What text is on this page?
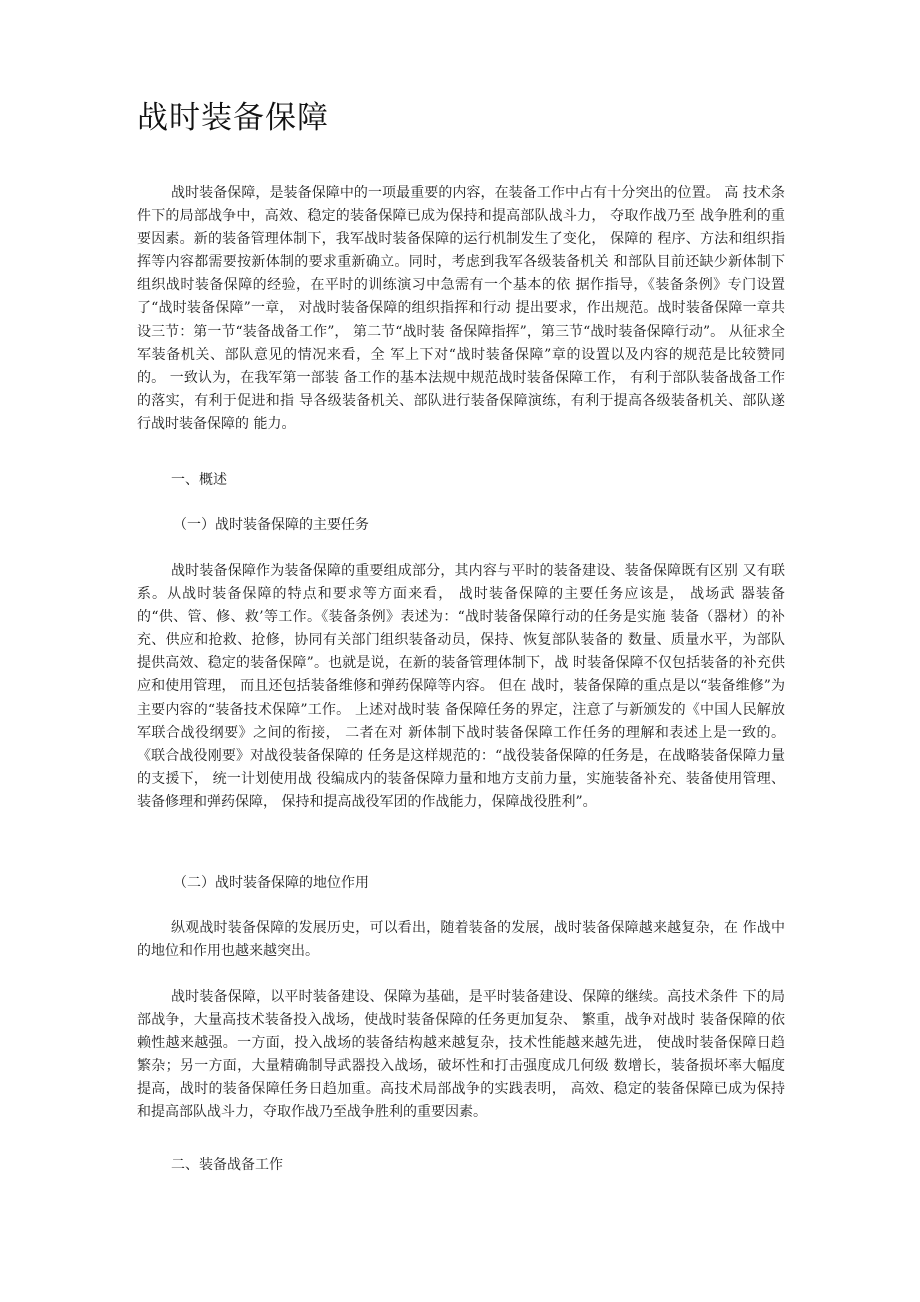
战时装备保障

战时装备保障，是装备保障中的一项最重要的内容，在装备工作中占有十分突出的位置。 高 技术条件下的局部战争中，高效、稳定的装备保障已成为保持和提高部队战斗力， 夺取作战乃至 战争胜利的重要因素。新的装备管理体制下，我军战时装备保障的运行机制发生了变化， 保障的 程序、方法和组织指挥等内容都需要按新体制的要求重新确立。同时，考虑到我军各级装备机关 和部队目前还缺少新体制下组织战时装备保障的经验，在平时的训练演习中急需有一个基本的依 据作指导，《装备条例》专门设置了“战时装备保障”一章， 对战时装备保障的组织指挥和行动 提出要求，作出规范。战时装备保障一章共设三节：第一节“装备战备工作”， 第二节“战时装 备保障指挥”，第三节“战时装备保障行动”。 从征求全军装备机关、部队意见的情况来看，全 军上下对“战时装备保障”章的设置以及内容的规范是比较赞同的。 一致认为，在我军第一部装 备工作的基本法规中规范战时装备保障工作， 有利于部队装备战备工作的落实，有利于促进和指 导各级装备机关、部队进行装备保障演练，有利于提高各级装备机关、部队遂行战时装备保障的 能力。

一、概述
（一）战时装备保障的主要任务

战时装备保障作为装备保障的重要组成部分，其内容与平时的装备建设、装备保障既有区别 又有联系。从战时装备保障的特点和要求等方面来看， 战时装备保障的主要任务应该是， 战场武 器装备的“供、管、修、救’等工作。《装备条例》表述为：“战时装备保障行动的任务是实施 装备（器材）的补充、供应和抢救、抢修，协同有关部门组织装备动员，保持、恢复部队装备的 数量、质量水平，为部队提供高效、稳定的装备保障”。也就是说，在新的装备管理体制下，战 时装备保障不仅包括装备的补充供应和使用管理， 而且还包括装备维修和弹药保障等内容。 但在 战时，装备保障的重点是以“装备维修”为主要内容的“装备技术保障”工作。 上述对战时装 备保障任务的界定，注意了与新颁发的《中国人民解放军联合战役纲要》之间的衔接， 二者在对 新体制下战时装备保障工作任务的理解和表述上是一致的。 《联合战役刚要》对战役装备保障的 任务是这样规范的：“战役装备保障的任务是，在战略装备保障力量的支援下， 统一计划使用战 役编成内的装备保障力量和地方支前力量，实施装备补充、装备使用管理、装备修理和弹药保障， 保持和提高战役军团的作战能力，保障战役胜利”。

（二）战时装备保障的地位作用

纵观战时装备保障的发展历史，可以看出，随着装备的发展，战时装备保障越来越复杂，在 作战中的地位和作用也越来越突出。

战时装备保障，以平时装备建设、保障为基础，是平时装备建设、保障的继续。高技术条件 下的局部战争，大量高技术装备投入战场，使战时装备保障的任务更加复杂、 繁重，战争对战时 装备保障的依赖性越来越强。一方面，投入战场的装备结构越来越复杂，技术性能越来越先进， 使战时装备保障日趋繁杂；另一方面，大量精确制导武器投入战场，破坏性和打击强度成几何级 数增长，装备损坏率大幅度提高，战时的装备保障任务日趋加重。高技术局部战争的实践表明， 高效、稳定的装备保障已成为保持和提高部队战斗力，夺取作战乃至战争胜利的重要因素。

二、装备战备工作
